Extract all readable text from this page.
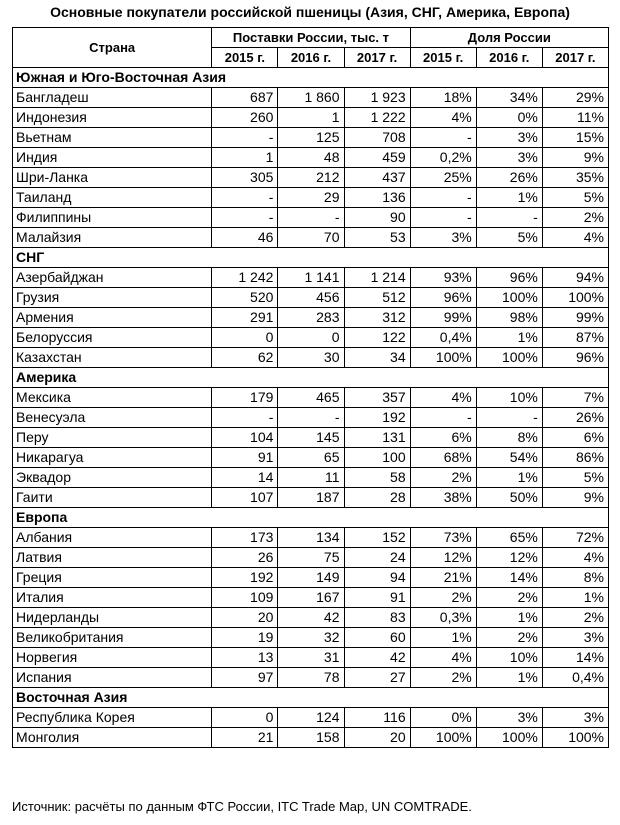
Основные покупатели российской пшеницы (Азия, СНГ, Америка, Европа)
Страна	Поставки России, тыс. т			Доля России		
	2015 г.	2016 г.	2017 г.	2015 г.	2016 г.	2017 г.
Южная и Юго-Восточная Азия						
Бангладеш	687	1 860	1 923	18%	34%	29%
Индонезия	260	1	1 222	4%	0%	11%
Вьетнам	-	125	708	-	3%	15%
Индия	1	48	459	0,2%	3%	9%
Шри-Ланка	305	212	437	25%	26%	35%
Таиланд	-	29	136	-	1%	5%
Филиппины	-	-	90	-	-	2%
Малайзия	46	70	53	3%	5%	4%
СНГ						
Азербайджан	1 242	1 141	1 214	93%	96%	94%
Грузия	520	456	512	96%	100%	100%
Армения	291	283	312	99%	98%	99%
Белоруссия	0	0	122	0,4%	1%	87%
Казахстан	62	30	34	100%	100%	96%
Америка						
Мексика	179	465	357	4%	10%	7%
Венесуэла	-	-	192	-	-	26%
Перу	104	145	131	6%	8%	6%
Никарагуа	91	65	100	68%	54%	86%
Эквадор	14	11	58	2%	1%	5%
Гаити	107	187	28	38%	50%	9%
Европа						
Албания	173	134	152	73%	65%	72%
Латвия	26	75	24	12%	12%	4%
Греция	192	149	94	21%	14%	8%
Италия	109	167	91	2%	2%	1%
Нидерланды	20	42	83	0,3%	1%	2%
Великобритания	19	32	60	1%	2%	3%
Норвегия	13	31	42	4%	10%	14%
Испания	97	78	27	2%	1%	0,4%
Восточная Азия						
Республика Корея	0	124	116	0%	3%	3%
Монголия	21	158	20	100%	100%	100%
Источник: расчёты по данным ФТС России, ITC Trade Map, UN COMTRADE.
